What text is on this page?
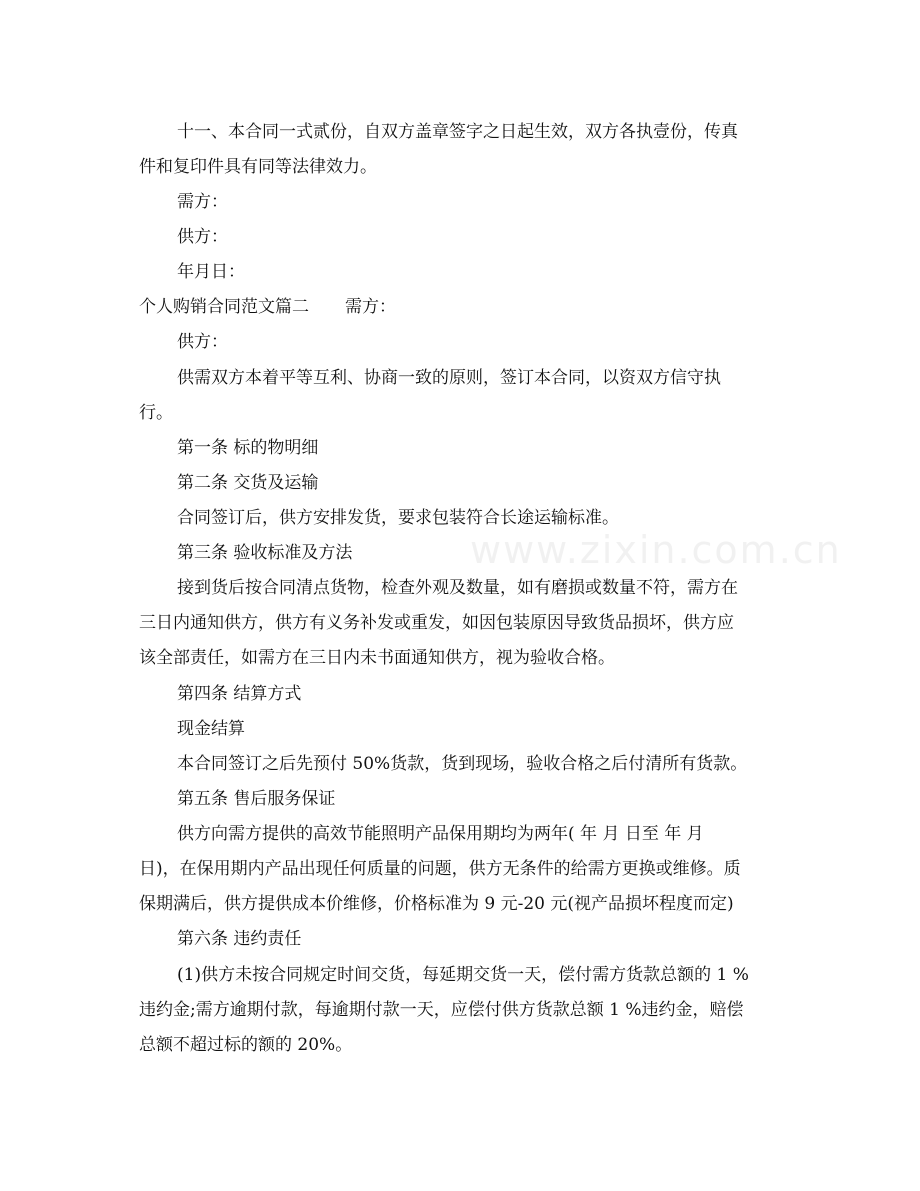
www.zixin.com.cn
十一、本合同一式贰份，自双方盖章签字之日起生效，双方各执壹份，传真
件和复印件具有同等法律效力。
需方：
供方：
年月日：
个人购销合同范文篇二 需方：
供方：
供需双方本着平等互利、协商一致的原则，签订本合同，以资双方信守执
行。
第一条 标的物明细
第二条 交货及运输
合同签订后，供方安排发货，要求包装符合长途运输标准。
第三条 验收标准及方法
接到货后按合同清点货物，检查外观及数量，如有磨损或数量不符，需方在
三日内通知供方，供方有义务补发或重发，如因包装原因导致货品损坏，供方应
该全部责任，如需方在三日内未书面通知供方，视为验收合格。
第四条 结算方式
现金结算
本合同签订之后先预付 50%货款，货到现场，验收合格之后付清所有货款。
第五条 售后服务保证
供方向需方提供的高效节能照明产品保用期均为两年( 年 月 日至 年 月
日)，在保用期内产品出现任何质量的问题，供方无条件的给需方更换或维修。质
保期满后，供方提供成本价维修，价格标准为 9 元-20 元(视产品损坏程度而定)
第六条 违约责任
(1)供方未按合同规定时间交货，每延期交货一天，偿付需方货款总额的 1 %
违约金;需方逾期付款，每逾期付款一天，应偿付供方货款总额 1 %违约金，赔偿
总额不超过标的额的 20%。
